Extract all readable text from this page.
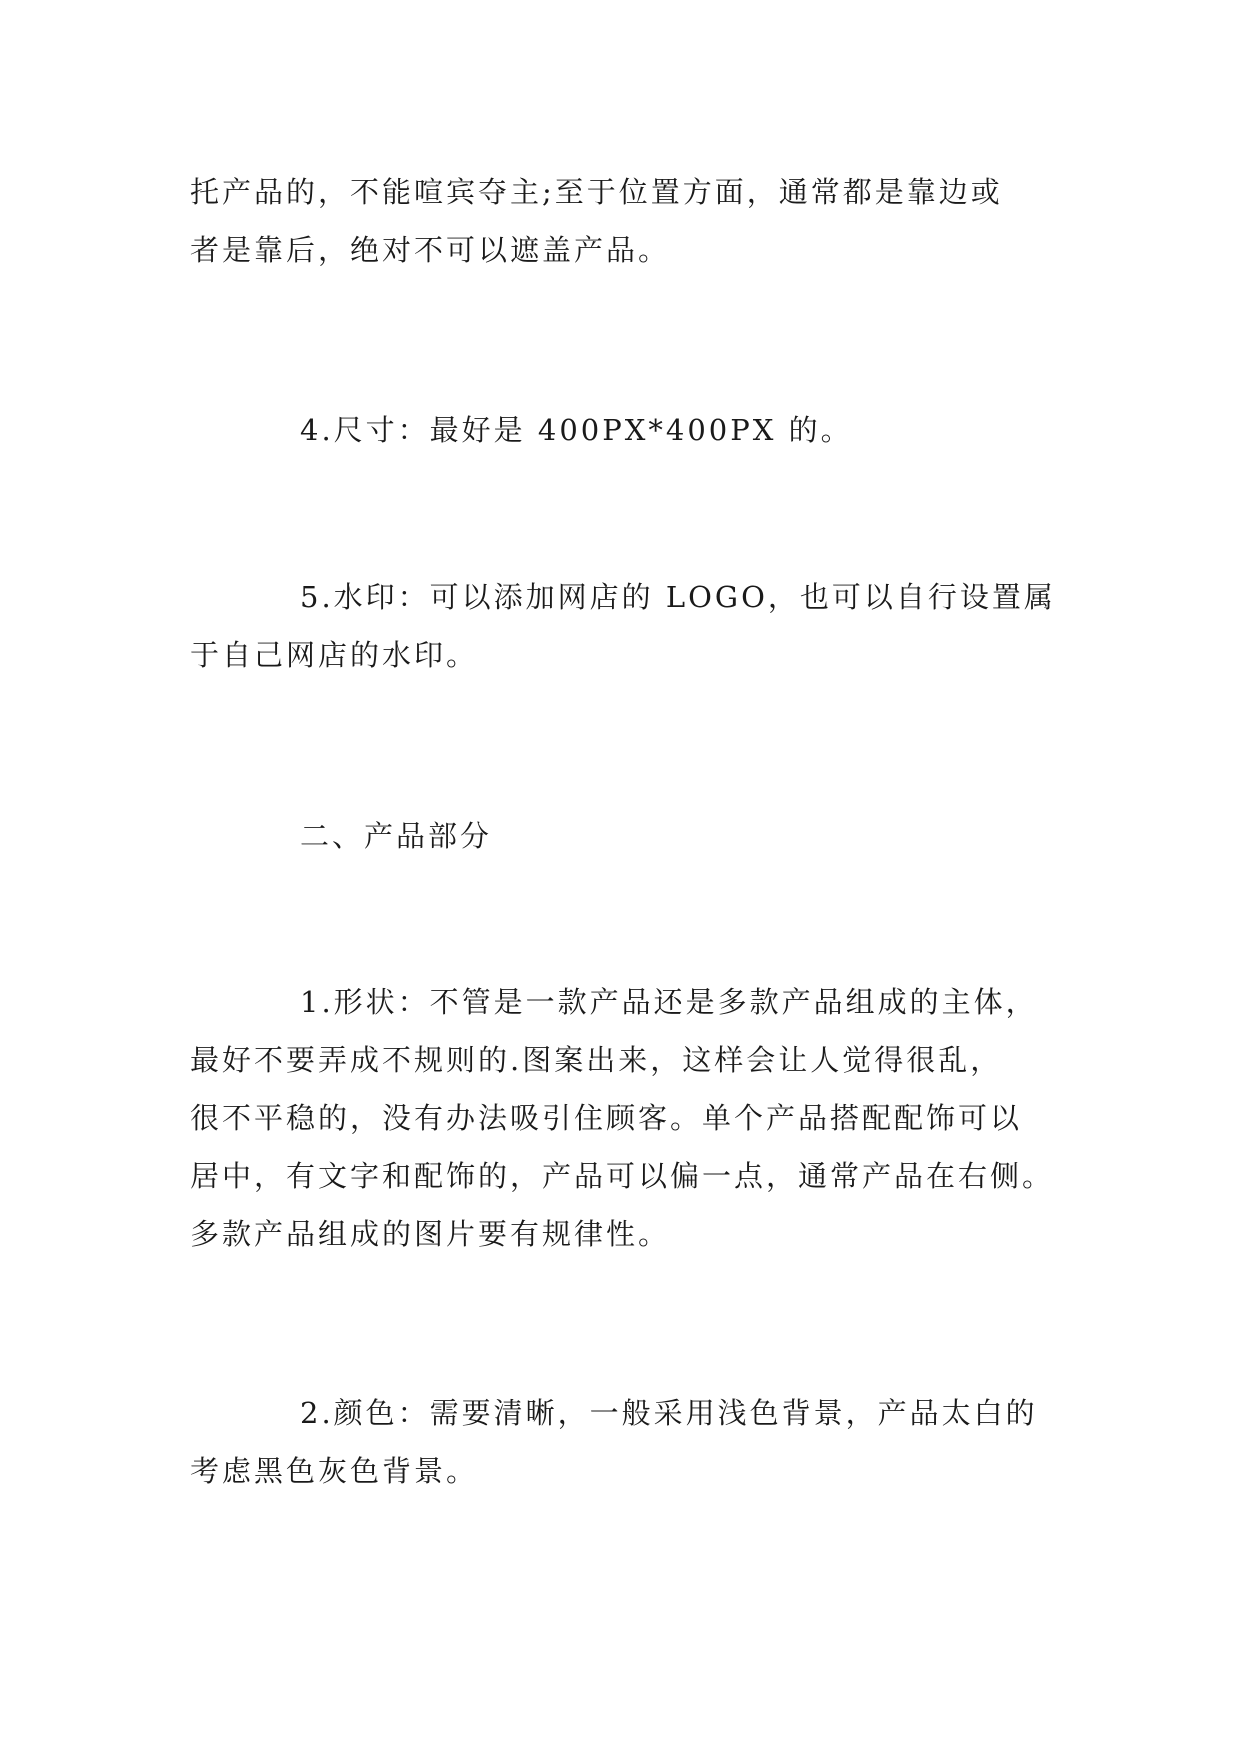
托产品的，不能喧宾夺主;至于位置方面，通常都是靠边或
者是靠后，绝对不可以遮盖产品。
4.尺寸：最好是 400PX*400PX 的。
5.水印：可以添加网店的 LOGO，也可以自行设置属
于自己网店的水印。
二、产品部分
1.形状：不管是一款产品还是多款产品组成的主体，
最好不要弄成不规则的.图案出来，这样会让人觉得很乱，
很不平稳的，没有办法吸引住顾客。单个产品搭配配饰可以
居中，有文字和配饰的，产品可以偏一点，通常产品在右侧。
多款产品组成的图片要有规律性。
2.颜色：需要清晰，一般采用浅色背景，产品太白的
考虑黑色灰色背景。
